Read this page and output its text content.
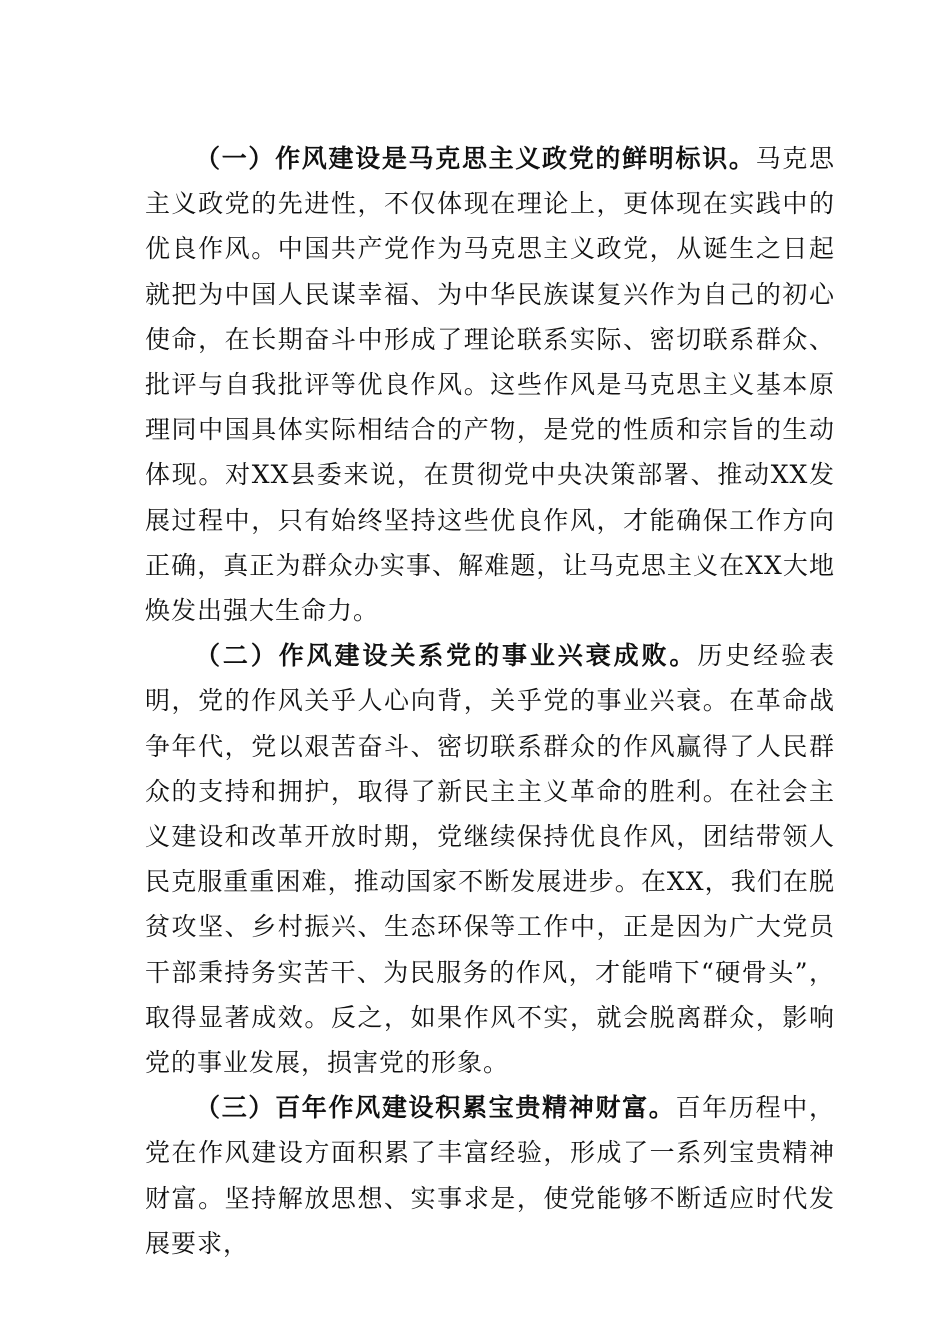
（一）作风建设是马克思主义政党的鲜明标识。马克思主义政党的先进性，不仅体现在理论上，更体现在实践中的优良作风。中国共产党作为马克思主义政党，从诞生之日起就把为中国人民谋幸福、为中华民族谋复兴作为自己的初心使命，在长期奋斗中形成了理论联系实际、密切联系群众、批评与自我批评等优良作风。这些作风是马克思主义基本原理同中国具体实际相结合的产物，是党的性质和宗旨的生动体现。对XX县委来说，在贯彻党中央决策部署、推动XX发展过程中，只有始终坚持这些优良作风，才能确保工作方向正确，真正为群众办实事、解难题，让马克思主义在XX大地焕发出强大生命力。

（二）作风建设关系党的事业兴衰成败。历史经验表明，党的作风关乎人心向背，关乎党的事业兴衰。在革命战争年代，党以艰苦奋斗、密切联系群众的作风赢得了人民群众的支持和拥护，取得了新民主主义革命的胜利。在社会主义建设和改革开放时期，党继续保持优良作风，团结带领人民克服重重困难，推动国家不断发展进步。在XX，我们在脱贫攻坚、乡村振兴、生态环保等工作中，正是因为广大党员干部秉持务实苦干、为民服务的作风，才能啃下“硬骨头”，取得显著成效。反之，如果作风不实，就会脱离群众，影响党的事业发展，损害党的形象。

（三）百年作风建设积累宝贵精神财富。百年历程中，党在作风建设方面积累了丰富经验，形成了一系列宝贵精神财富。坚持解放思想、实事求是，使党能够不断适应时代发展要求，
